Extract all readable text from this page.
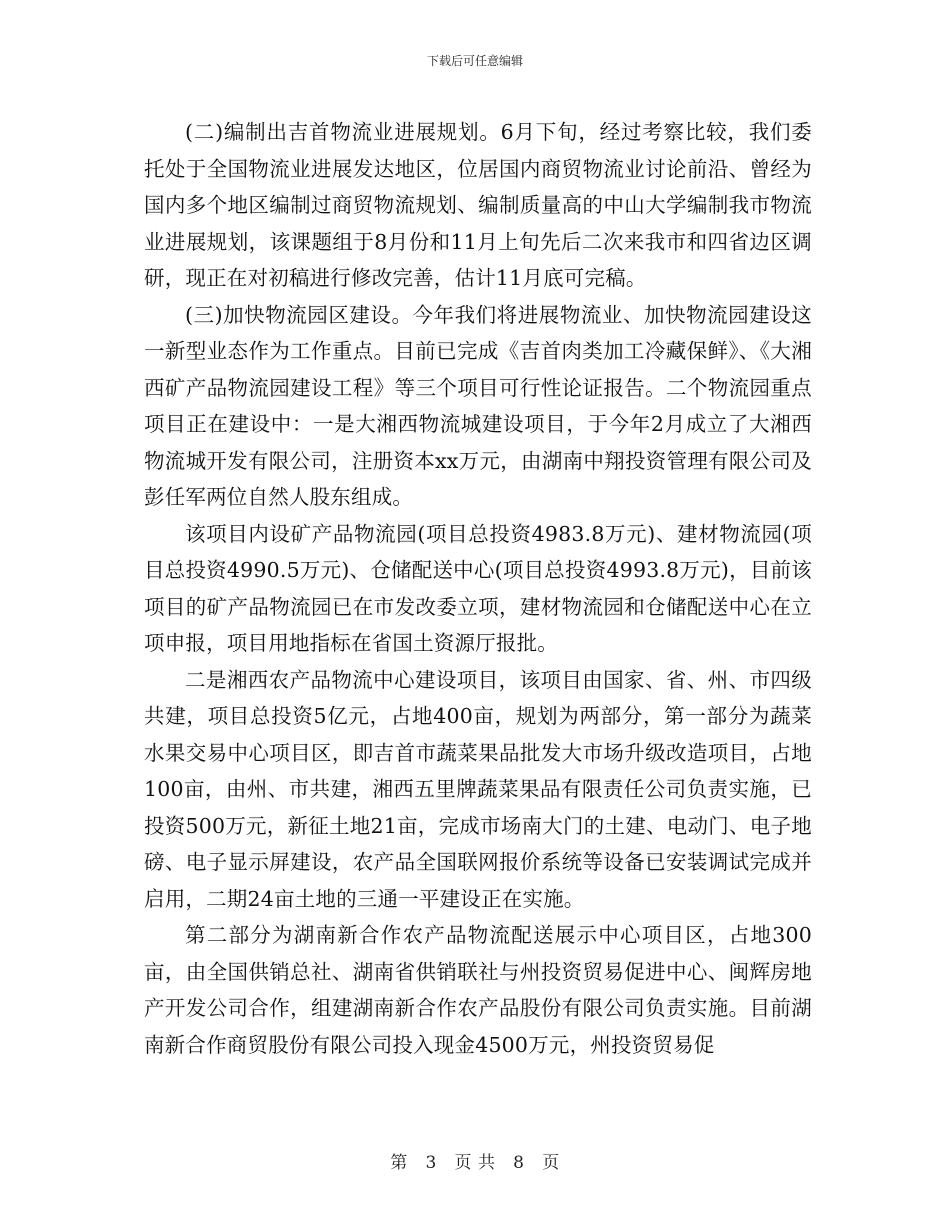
下载后可任意编辑

(二)编制出吉首物流业进展规划。6月下旬，经过考察比较，我们委托处于全国物流业进展发达地区，位居国内商贸物流业讨论前沿、曾经为国内多个地区编制过商贸物流规划、编制质量高的中山大学编制我市物流业进展规划，该课题组于8月份和11月上旬先后二次来我市和四省边区调研，现正在对初稿进行修改完善，估计11月底可完稿。

(三)加快物流园区建设。今年我们将进展物流业、加快物流园建设这一新型业态作为工作重点。目前已完成《吉首肉类加工冷藏保鲜》、《大湘西矿产品物流园建设工程》等三个项目可行性论证报告。二个物流园重点项目正在建设中：一是大湘西物流城建设项目，于今年2月成立了大湘西物流城开发有限公司，注册资本xx万元，由湖南中翔投资管理有限公司及彭任军两位自然人股东组成。

该项目内设矿产品物流园(项目总投资4983.8万元)、建材物流园(项目总投资4990.5万元)、仓储配送中心(项目总投资4993.8万元)，目前该项目的矿产品物流园已在市发改委立项，建材物流园和仓储配送中心在立项申报，项目用地指标在省国土资源厅报批。

二是湘西农产品物流中心建设项目，该项目由国家、省、州、市四级共建，项目总投资5亿元，占地400亩，规划为两部分，第一部分为蔬菜水果交易中心项目区，即吉首市蔬菜果品批发大市场升级改造项目，占地100亩，由州、市共建，湘西五里牌蔬菜果品有限责任公司负责实施，已投资500万元，新征土地21亩，完成市场南大门的土建、电动门、电子地磅、电子显示屏建设，农产品全国联网报价系统等设备已安装调试完成并启用，二期24亩土地的三通一平建设正在实施。

第二部分为湖南新合作农产品物流配送展示中心项目区，占地300亩，由全国供销总社、湖南省供销联社与州投资贸易促进中心、闽辉房地产开发公司合作，组建湖南新合作农产品股份有限公司负责实施。目前湖南新合作商贸股份有限公司投入现金4500万元，州投资贸易促

第 3 页 共 8 页
